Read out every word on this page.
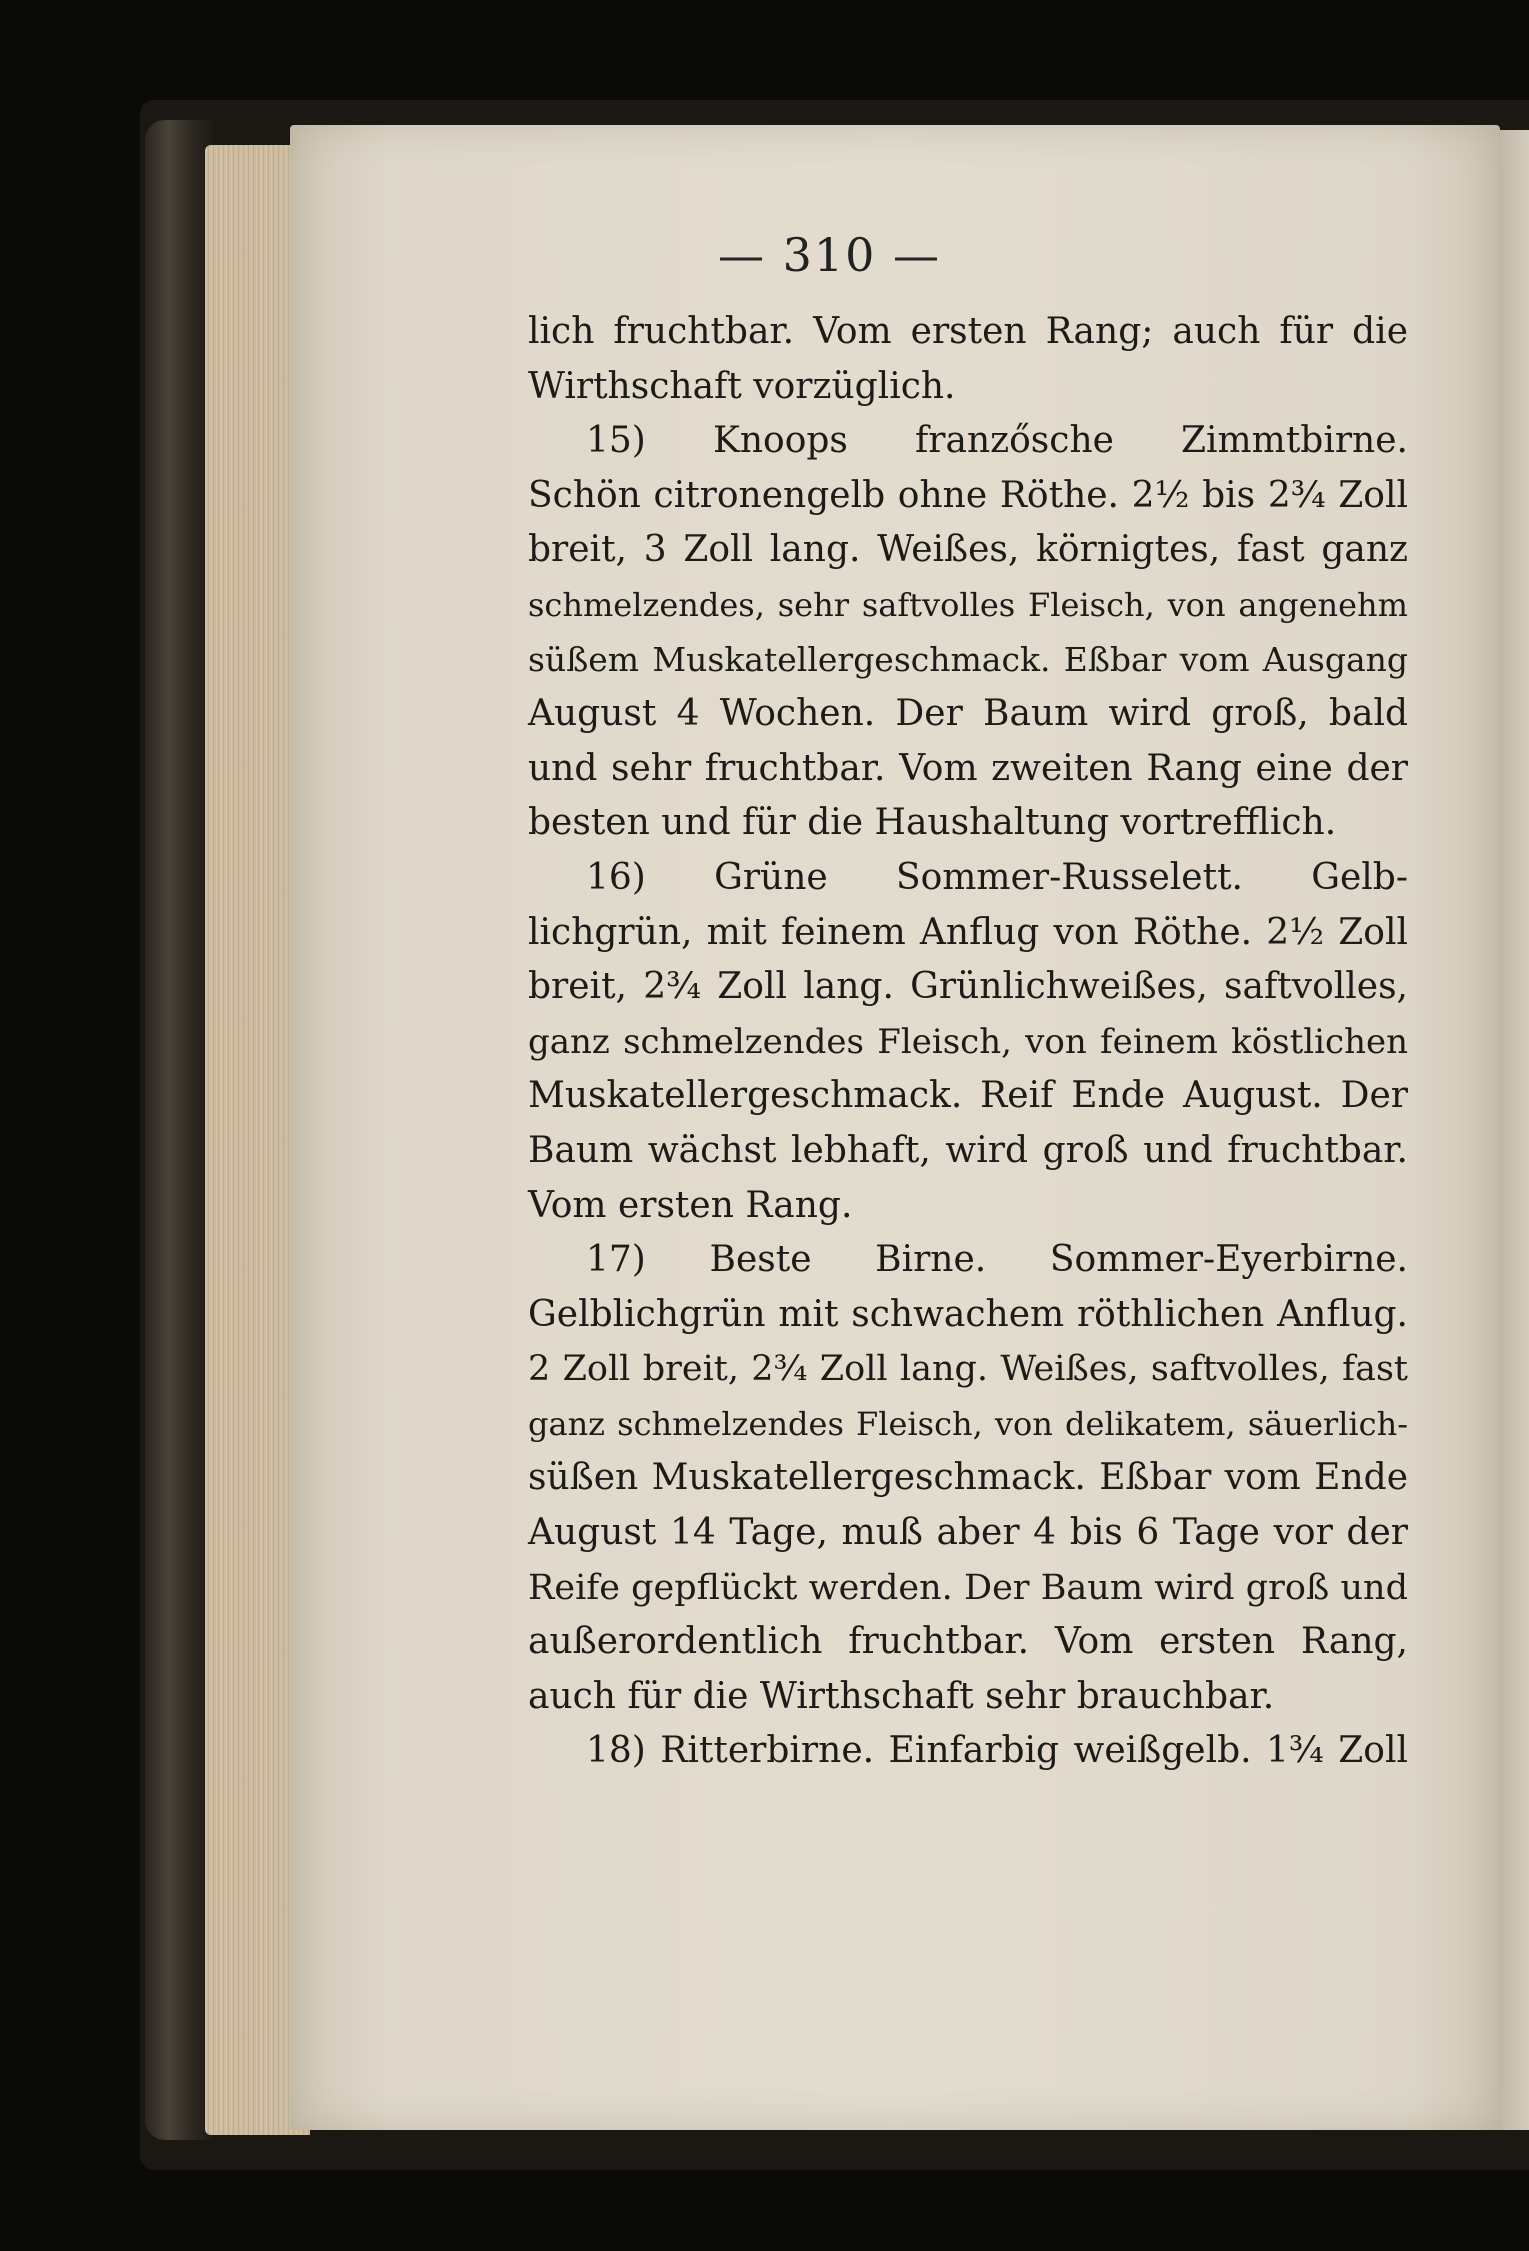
— 310 —
lich fruchtbar. Vom ersten Rang; auch für die
Wirthschaft vorzüglich.
15) Knoops franzősche Zimmtbirne.
Schön citronengelb ohne Röthe. 2½ bis 2¾ Zoll
breit, 3 Zoll lang. Weißes, körnigtes, fast ganz
schmelzendes, sehr saftvolles Fleisch, von angenehm
süßem Muskatellergeschmack. Eßbar vom Ausgang
August 4 Wochen. Der Baum wird groß, bald
und sehr fruchtbar. Vom zweiten Rang eine der
besten und für die Haushaltung vortrefflich.
16) Grüne Sommer-Russelett. Gelb-
lichgrün, mit feinem Anflug von Röthe. 2½ Zoll
breit, 2¾ Zoll lang. Grünlichweißes, saftvolles,
ganz schmelzendes Fleisch, von feinem köstlichen
Muskatellergeschmack. Reif Ende August. Der
Baum wächst lebhaft, wird groß und fruchtbar.
Vom ersten Rang.
17) Beste Birne. Sommer-Eyerbirne.
Gelblichgrün mit schwachem röthlichen Anflug.
2 Zoll breit, 2¾ Zoll lang. Weißes, saftvolles, fast
ganz schmelzendes Fleisch, von delikatem, säuerlich-
süßen Muskatellergeschmack. Eßbar vom Ende
August 14 Tage, muß aber 4 bis 6 Tage vor der
Reife gepflückt werden. Der Baum wird groß und
außerordentlich fruchtbar. Vom ersten Rang,
auch für die Wirthschaft sehr brauchbar.
18) Ritterbirne. Einfarbig weißgelb. 1¾ Zoll
